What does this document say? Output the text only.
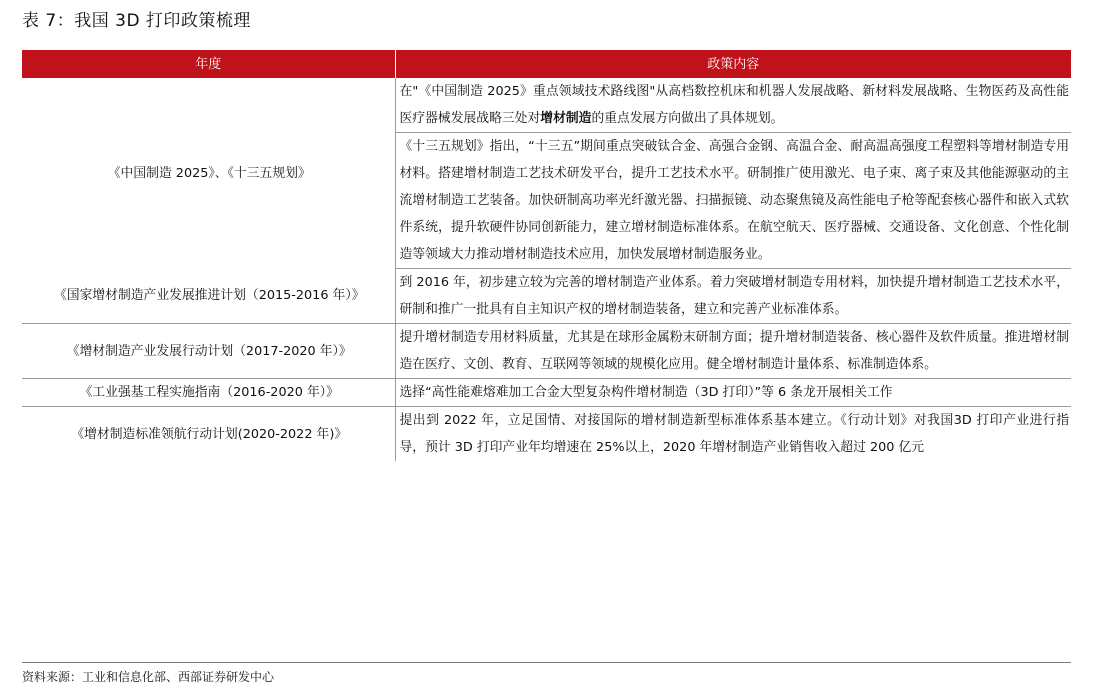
表 7：我国 3D 打印政策梳理
年度	政策内容
《中国制造 2025》、《十三五规划》	在"《中国制造 2025》重点领域技术路线图"从高档数控机床和机器人发展战略、新材料发展战略、生物医药及高性能医疗器械发展战略三处对增材制造的重点发展方向做出了具体规划。
	《十三五规划》指出，“十三五”期间重点突破钛合金、高强合金钢、高温合金、耐高温高强度工程塑料等增材制造专用材料。搭建增材制造工艺技术研发平台，提升工艺技术水平。研制推广使用激光、电子束、离子束及其他能源驱动的主流增材制造工艺装备。加快研制高功率光纤激光器、扫描振镜、动态聚焦镜及高性能电子枪等配套核心器件和嵌入式软件系统，提升软硬件协同创新能力，建立增材制造标准体系。在航空航天、医疗器械、交通设备、文化创意、个性化制造等领域大力推动增材制造技术应用，加快发展增材制造服务业。
《国家增材制造产业发展推进计划（2015-2016 年）》	到 2016 年，初步建立较为完善的增材制造产业体系。着力突破增材制造专用材料，加快提升增材制造工艺技术水平，研制和推广一批具有自主知识产权的增材制造装备，建立和完善产业标准体系。
《增材制造产业发展行动计划（2017-2020 年）》	提升增材制造专用材料质量，尤其是在球形金属粉末研制方面；提升增材制造装备、核心器件及软件质量。推进增材制造在医疗、文创、教育、互联网等领域的规模化应用。健全增材制造计量体系、标准制造体系。
《工业强基工程实施指南（2016-2020 年）》	选择“高性能难熔难加工合金大型复杂构件增材制造（3D 打印）”等 6 条龙开展相关工作
《增材制造标准领航行动计划(2020-2022 年)》	提出到 2022 年，立足国情、对接国际的增材制造新型标准体系基本建立。《行动计划》对我国3D 打印产业进行指导，预计 3D 打印产业年均增速在 25%以上，2020 年增材制造产业销售收入超过 200 亿元
资料来源：工业和信息化部、西部证券研发中心
